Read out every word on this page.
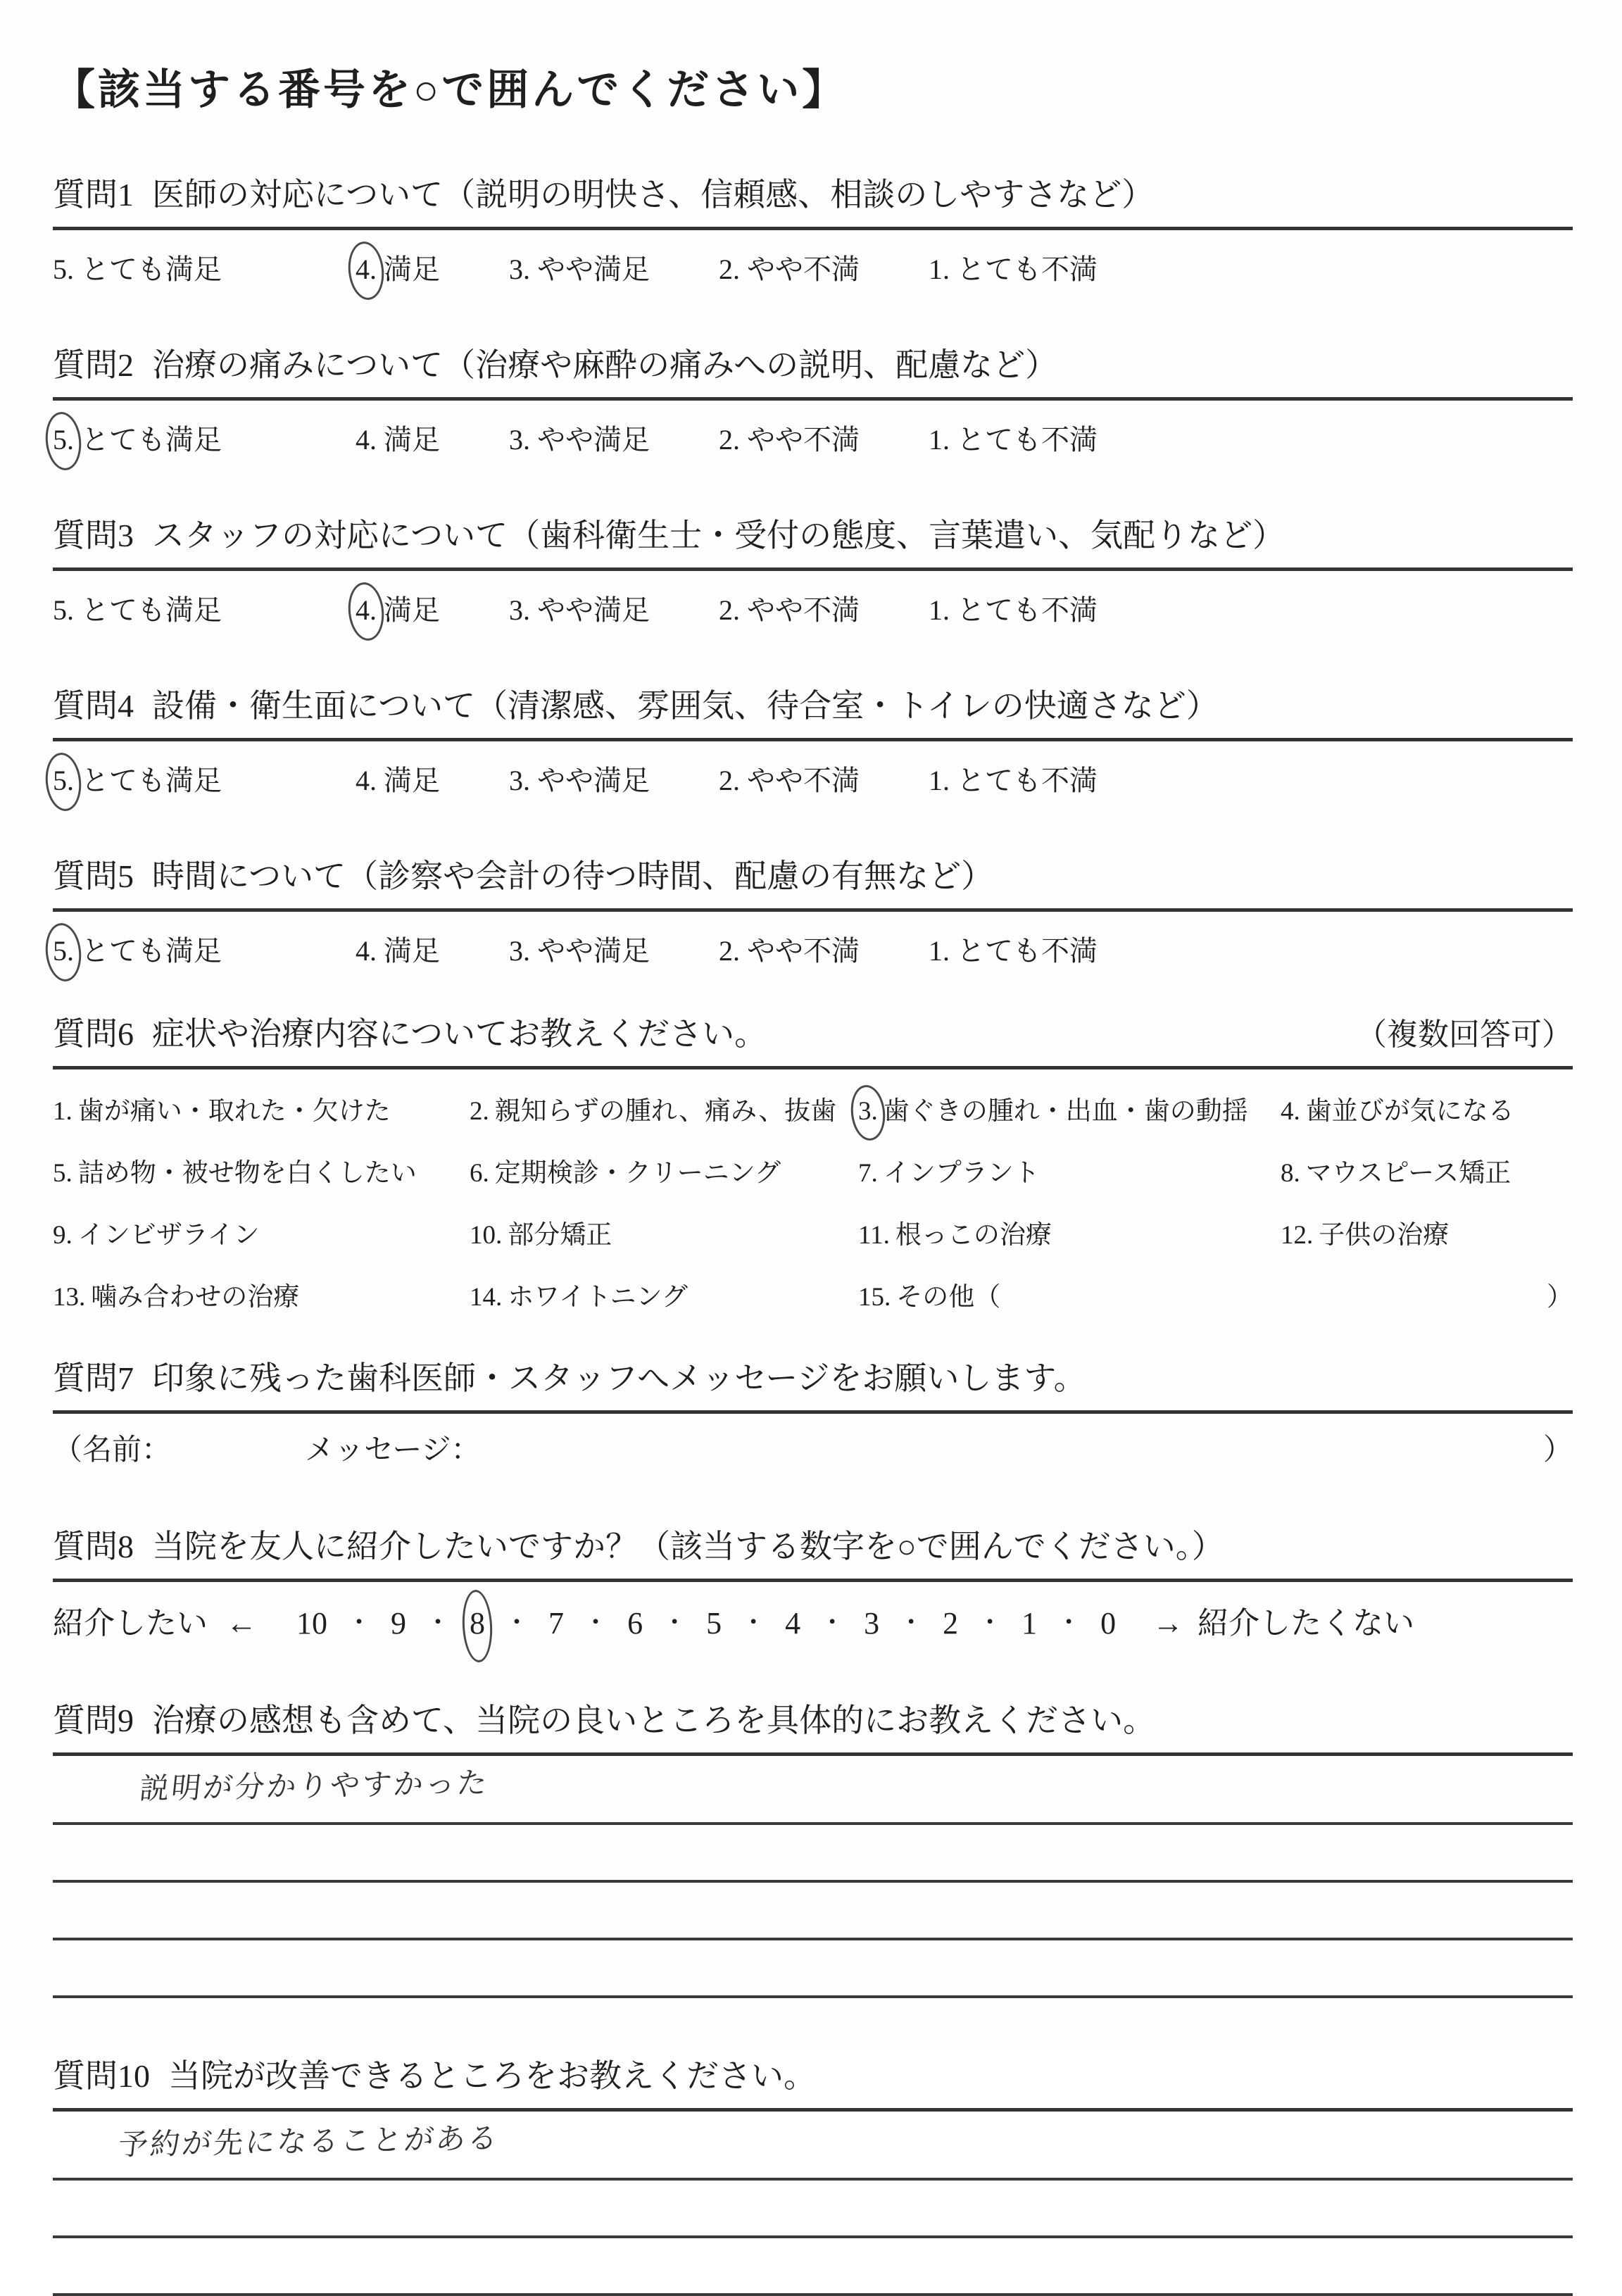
【該当する番号を○で囲んでください】
質問1 医師の対応について（説明の明快さ、信頼感、相談のしやすさなど）
5. とても満足	4. 満足 3. やや満足 2. やや不満 1. とても不満
質問2 治療の痛みについて（治療や麻酔の痛みへの説明、配慮など）
5. とても満足	4. 満足 3. やや満足 2. やや不満 1. とても不満
質問3 スタッフの対応について（歯科衛生士・受付の態度、言葉遣い、気配りなど）
5. とても満足	4. 満足 3. やや満足 2. やや不満 1. とても不満
質問4 設備・衛生面について（清潔感、雰囲気、待合室・トイレの快適さなど）
5. とても満足	4. 満足 3. やや満足 2. やや不満 1. とても不満
質問5 時間について（診察や会計の待つ時間、配慮の有無など）
5. とても満足	4. 満足 3. やや満足 2. やや不満 1. とても不満
質問6 症状や治療内容についてお教えください。	（複数回答可）
1. 歯が痛い・取れた・欠けた	2. 親知らずの腫れ、痛み、抜歯 3. 歯ぐきの腫れ・出血・歯の動揺	4. 歯並びが気になる
5. 詰め物・被せ物を白くしたい	6. 定期検診・クリーニング	7. インプラント	8. マウスピース矯正
9. インビザライン	10. 部分矯正	11. 根っこの治療	12. 子供の治療
13. 噛み合わせの治療	14. ホワイトニング	15. その他（	）
質問7 印象に残った歯科医師・スタッフへメッセージをお願いします。
（名前：	メッセージ：	）
質問8 当院を友人に紹介したいですか？（該当する数字を○で囲んでください。）
紹介したい ← 10 ・ 9 ・ 8 ・ 7 ・ 6 ・ 5 ・ 4 ・ 3 ・ 2 ・ 1 ・ 0 → 紹介したくない
質問9 治療の感想も含めて、当院の良いところを具体的にお教えください。
説明が分かりやすかった
質問10 当院が改善できるところをお教えください。
予約が先になることがある
